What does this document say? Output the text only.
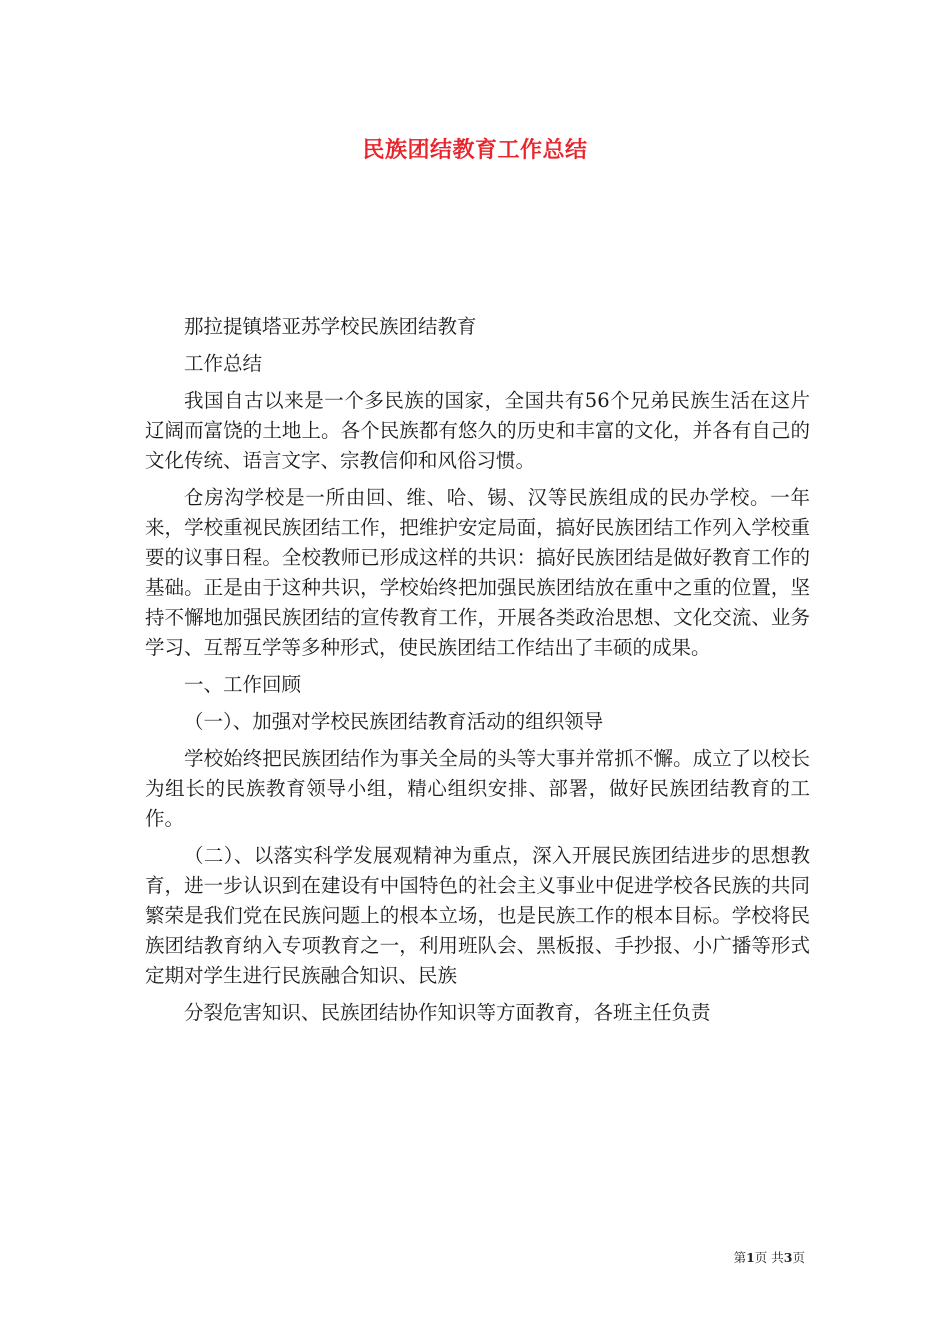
民族团结教育工作总结

那拉提镇塔亚苏学校民族团结教育

工作总结

我国自古以来是一个多民族的国家，全国共有56个兄弟民族生活在这片辽阔而富饶的土地上。各个民族都有悠久的历史和丰富的文化，并各有自己的文化传统、语言文字、宗教信仰和风俗习惯。

仓房沟学校是一所由回、维、哈、锡、汉等民族组成的民办学校。一年来，学校重视民族团结工作，把维护安定局面，搞好民族团结工作列入学校重要的议事日程。全校教师已形成这样的共识：搞好民族团结是做好教育工作的基础。正是由于这种共识，学校始终把加强民族团结放在重中之重的位置，坚持不懈地加强民族团结的宣传教育工作，开展各类政治思想、文化交流、业务学习、互帮互学等多种形式，使民族团结工作结出了丰硕的成果。

一、工作回顾

（一）、加强对学校民族团结教育活动的组织领导

学校始终把民族团结作为事关全局的头等大事并常抓不懈。成立了以校长为组长的民族教育领导小组，精心组织安排、部署，做好民族团结教育的工作。

（二）、以落实科学发展观精神为重点，深入开展民族团结进步的思想教育，进一步认识到在建设有中国特色的社会主义事业中促进学校各民族的共同繁荣是我们党在民族问题上的根本立场，也是民族工作的根本目标。学校将民族团结教育纳入专项教育之一，利用班队会、黑板报、手抄报、小广播等形式定期对学生进行民族融合知识、民族

分裂危害知识、民族团结协作知识等方面教育，各班主任负责

第1页 共3页
